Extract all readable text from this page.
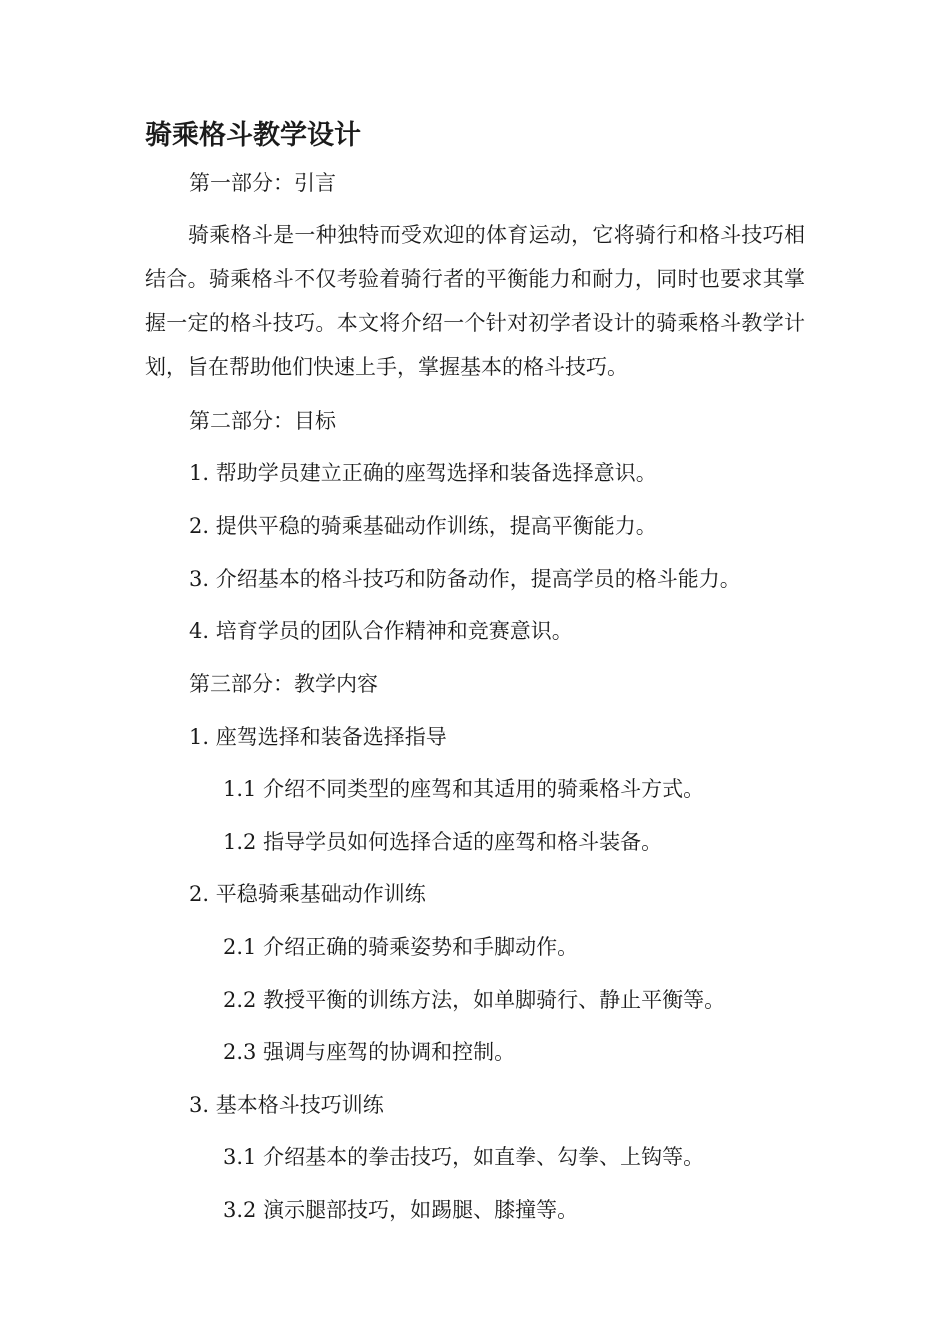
骑乘格斗教学设计
第一部分：引言
骑乘格斗是一种独特而受欢迎的体育运动，它将骑行和格斗技巧相结合。骑乘格斗不仅考验着骑行者的平衡能力和耐力，同时也要求其掌握一定的格斗技巧。本文将介绍一个针对初学者设计的骑乘格斗教学计划，旨在帮助他们快速上手，掌握基本的格斗技巧。
第二部分：目标
1. 帮助学员建立正确的座驾选择和装备选择意识。
2. 提供平稳的骑乘基础动作训练，提高平衡能力。
3. 介绍基本的格斗技巧和防备动作，提高学员的格斗能力。
4. 培育学员的团队合作精神和竞赛意识。
第三部分：教学内容
1. 座驾选择和装备选择指导
1.1 介绍不同类型的座驾和其适用的骑乘格斗方式。
1.2 指导学员如何选择合适的座驾和格斗装备。
2. 平稳骑乘基础动作训练
2.1 介绍正确的骑乘姿势和手脚动作。
2.2 教授平衡的训练方法，如单脚骑行、静止平衡等。
2.3 强调与座驾的协调和控制。
3. 基本格斗技巧训练
3.1 介绍基本的拳击技巧，如直拳、勾拳、上钩等。
3.2 演示腿部技巧，如踢腿、膝撞等。
